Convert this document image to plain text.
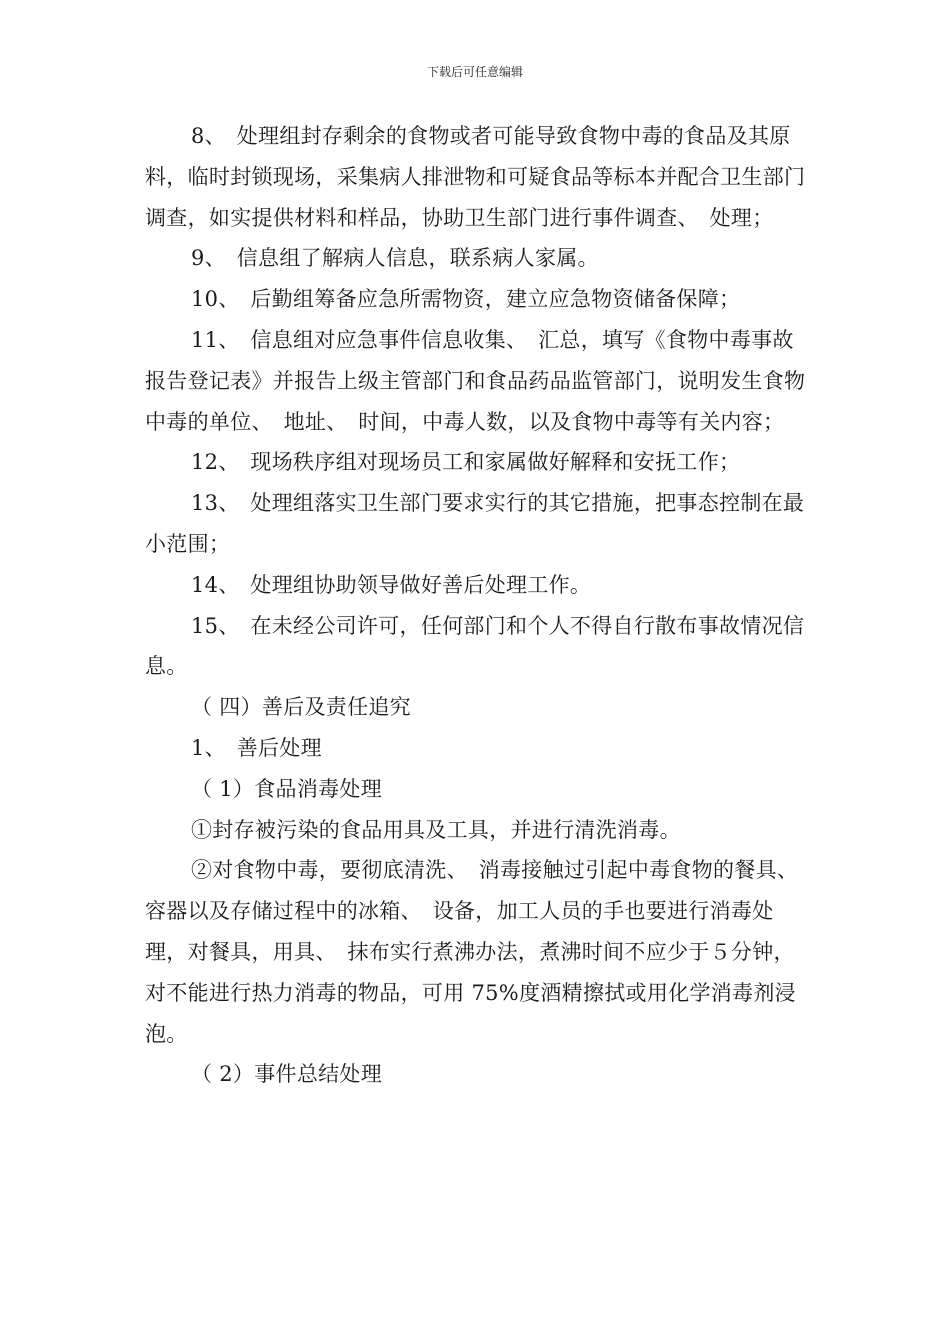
下载后可任意编辑

8、　处理组封存剩余的食物或者可能导致食物中毒的食品及其原料，临时封锁现场，采集病人排泄物和可疑食品等标本并配合卫生部门调查，如实提供材料和样品，协助卫生部门进行事件调查、　处理；

9、　信息组了解病人信息，联系病人家属。

10、　后勤组筹备应急所需物资，建立应急物资储备保障；

11、　信息组对应急事件信息收集、　汇总，填写《食物中毒事故报告登记表》并报告上级主管部门和食品药品监管部门，说明发生食物中毒的单位、　地址、　时间，中毒人数，以及食物中毒等有关内容；

12、　现场秩序组对现场员工和家属做好解释和安抚工作；

13、　处理组落实卫生部门要求实行的其它措施，把事态控制在最小范围；

14、　处理组协助领导做好善后处理工作。

15、　在未经公司许可，任何部门和个人不得自行散布事故情况信息。

（ 四）善后及责任追究

1、　善后处理

（ 1）食品消毒处理

①封存被污染的食品用具及工具，并进行清洗消毒。

②对食物中毒，要彻底清洗、　消毒接触过引起中毒食物的餐具、　容器以及存储过程中的冰箱、　设备，加工人员的手也要进行消毒处理，对餐具，用具、　抹布实行煮沸办法，煮沸时间不应少于５分钟，对不能进行热力消毒的物品，可用 75%度酒精擦拭或用化学消毒剂浸泡。

（ 2）事件总结处理
